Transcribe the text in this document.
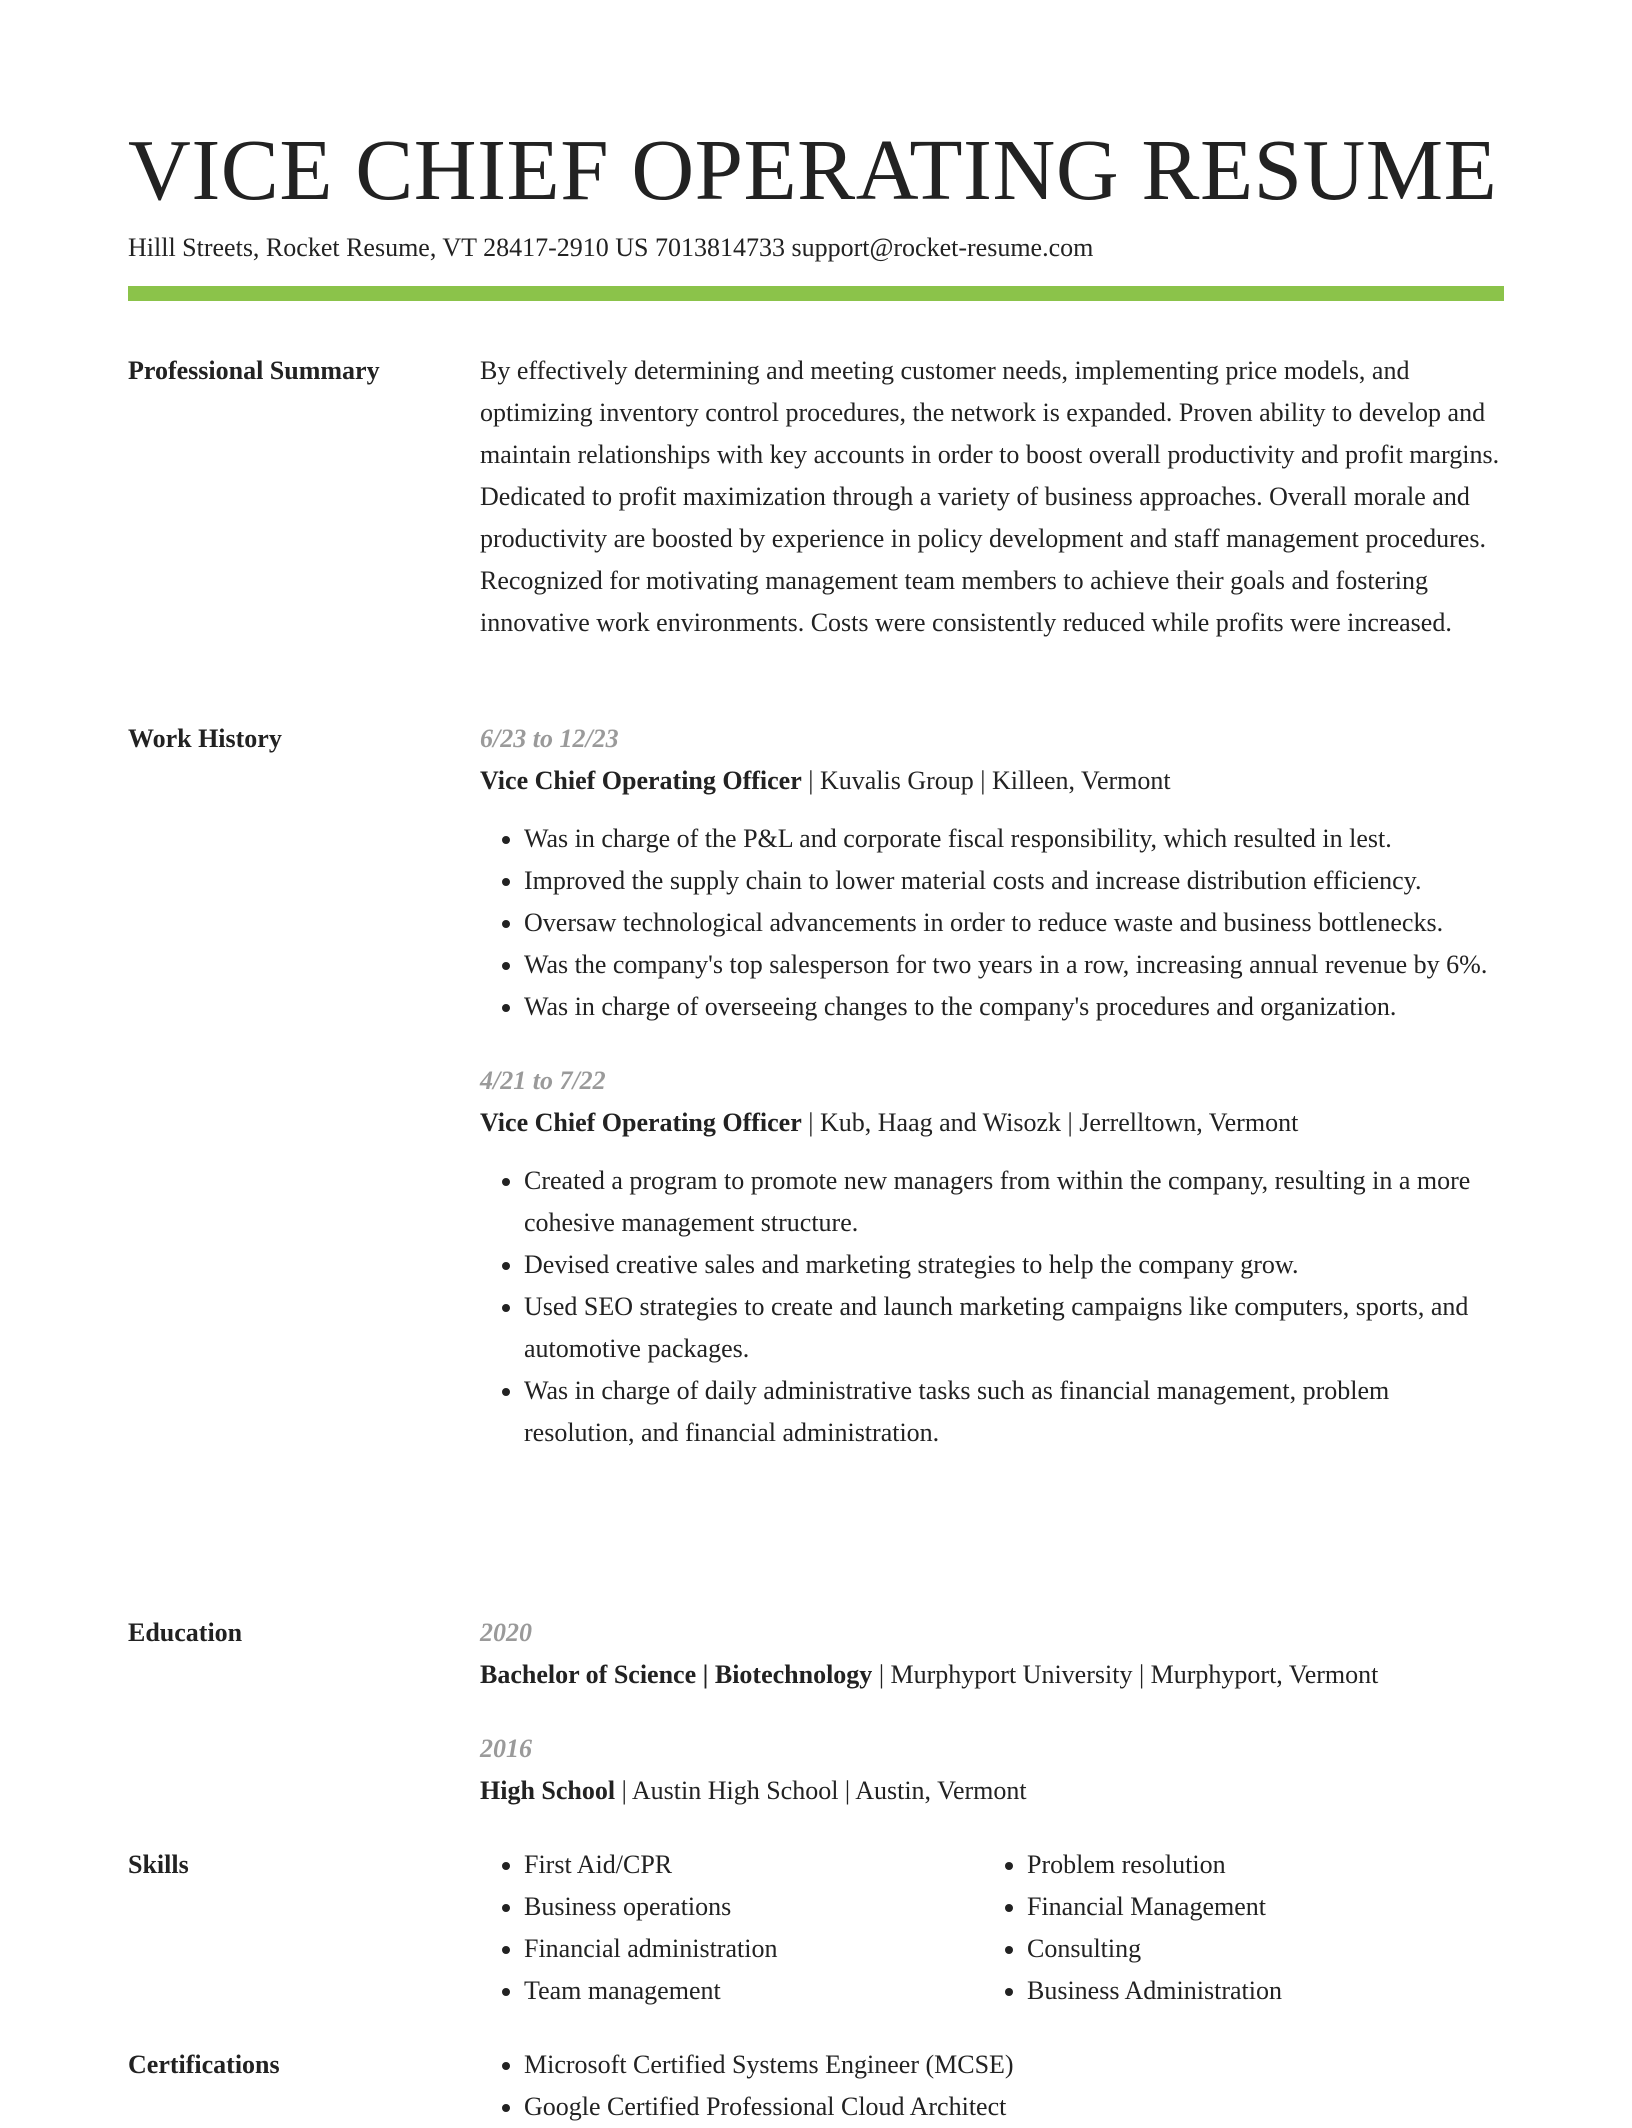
VICE CHIEF OPERATING RESUME
Hilll Streets, Rocket Resume, VT 28417-2910 US 7013814733 support@rocket-resume.com
Professional Summary	By effectively determining and meeting customer needs, implementing price models, and optimizing inventory control procedures, the network is expanded. Proven ability to develop and maintain relationships with key accounts in order to boost overall productivity and profit margins. Dedicated to profit maximization through a variety of business approaches. Overall morale and productivity are boosted by experience in policy development and staff management procedures. Recognized for motivating management team members to achieve their goals and fostering innovative work environments. Costs were consistently reduced while profits were increased.

Work History	6/23 to 12/23
Vice Chief Operating Officer | Kuvalis Group | Killeen, Vermont
• Was in charge of the P&L and corporate fiscal responsibility, which resulted in lest.
• Improved the supply chain to lower material costs and increase distribution efficiency.
• Oversaw technological advancements in order to reduce waste and business bottlenecks.
• Was the company's top salesperson for two years in a row, increasing annual revenue by 6%.
• Was in charge of overseeing changes to the company's procedures and organization.
4/21 to 7/22
Vice Chief Operating Officer | Kub, Haag and Wisozk | Jerrelltown, Vermont
• Created a program to promote new managers from within the company, resulting in a more cohesive management structure.
• Devised creative sales and marketing strategies to help the company grow.
• Used SEO strategies to create and launch marketing campaigns like computers, sports, and automotive packages.
• Was in charge of daily administrative tasks such as financial management, problem resolution, and financial administration.
Education	2020
Bachelor of Science | Biotechnology | Murphyport University | Murphyport, Vermont
2016
High School | Austin High School | Austin, Vermont
Skills	• First Aid/CPR
• Business operations
• Financial administration
• Team management
• Problem resolution
• Financial Management
• Consulting
• Business Administration
Certifications	• Microsoft Certified Systems Engineer (MCSE)
• Google Certified Professional Cloud Architect
